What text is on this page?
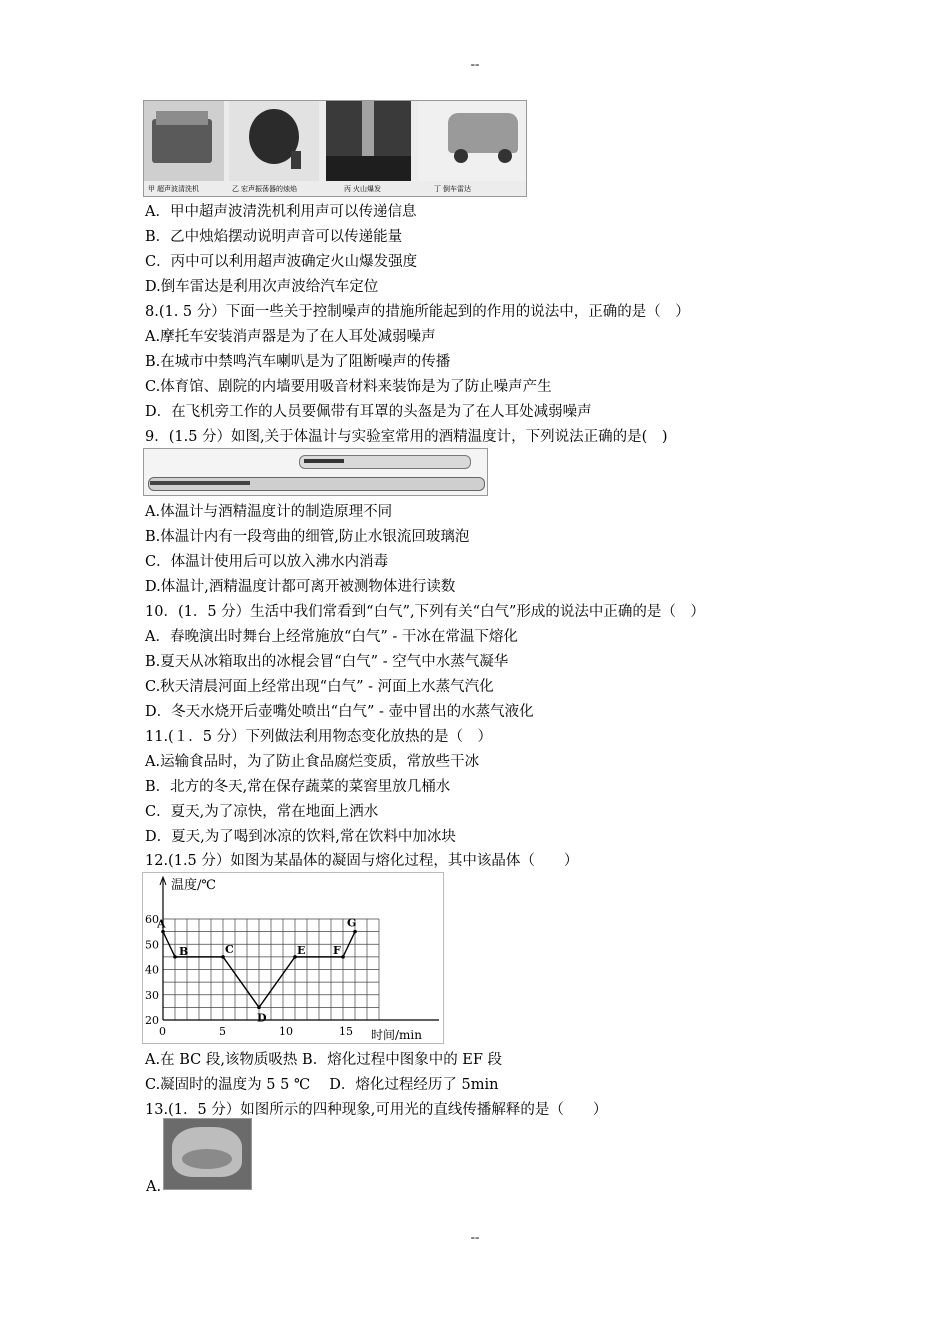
--
甲 超声波清洗机	乙 宏声振荡器的烛焰	丙 火山爆发	丁 倒车雷达
A．甲中超声波清洗机利用声可以传递信息
B．乙中烛焰摆动说明声音可以传递能量
C．丙中可以利用超声波确定火山爆发强度
D.倒车雷达是利用次声波给汽车定位
8.(1. 5 分）下面一些关于控制噪声的措施所能起到的作用的说法中，正确的是（　）
A.摩托车安装消声器是为了在人耳处减弱噪声
B.在城市中禁鸣汽车喇叭是为了阻断噪声的传播
C.体育馆、剧院的内墙要用吸音材料来装饰是为了防止噪声产生
D．在飞机旁工作的人员要佩带有耳罩的头盔是为了在人耳处减弱噪声
9．(1.5 分）如图,关于体温计与实验室常用的酒精温度计，下列说法正确的是(　)
A.体温计与酒精温度计的制造原理不同
B.体温计内有一段弯曲的细管,防止水银流回玻璃泡
C．体温计使用后可以放入沸水内消毒
D.体温计,酒精温度计都可离开被测物体进行读数
10．(1．5 分）生活中我们常看到“白气”,下列有关“白气”形成的说法中正确的是（　）
A．春晚演出时舞台上经常施放“白气” - 干冰在常温下熔化
B.夏天从冰箱取出的冰棍会冒“白气” - 空气中水蒸气凝华
C.秋天清晨河面上经常出现“白气” - 河面上水蒸气汽化
D．冬天水烧开后壶嘴处喷出“白气” - 壶中冒出的水蒸气液化
11.(１．5 分）下列做法利用物态变化放热的是（　）
A.运输食品时，为了防止食品腐烂变质，常放些干冰
B．北方的冬天,常在保存蔬菜的菜窖里放几桶水
C．夏天,为了凉快，常在地面上洒水
D．夏天,为了喝到冰凉的饮料,常在饮料中加冰块
12.(1.5 分）如图为某晶体的凝固与熔化过程，其中该晶体（　　）
20
30
40
50
60
0	5	10	15
A
B	C
D
E	F
G
温度/℃
时间/min
A.在 BC 段,该物质吸热 B．熔化过程中图象中的 EF 段
C.凝固时的温度为 5 5 ℃　 D．熔化过程经历了 5min
13.(1．5 分）如图所示的四种现象,可用光的直线传播解释的是（　　）
A.
--
